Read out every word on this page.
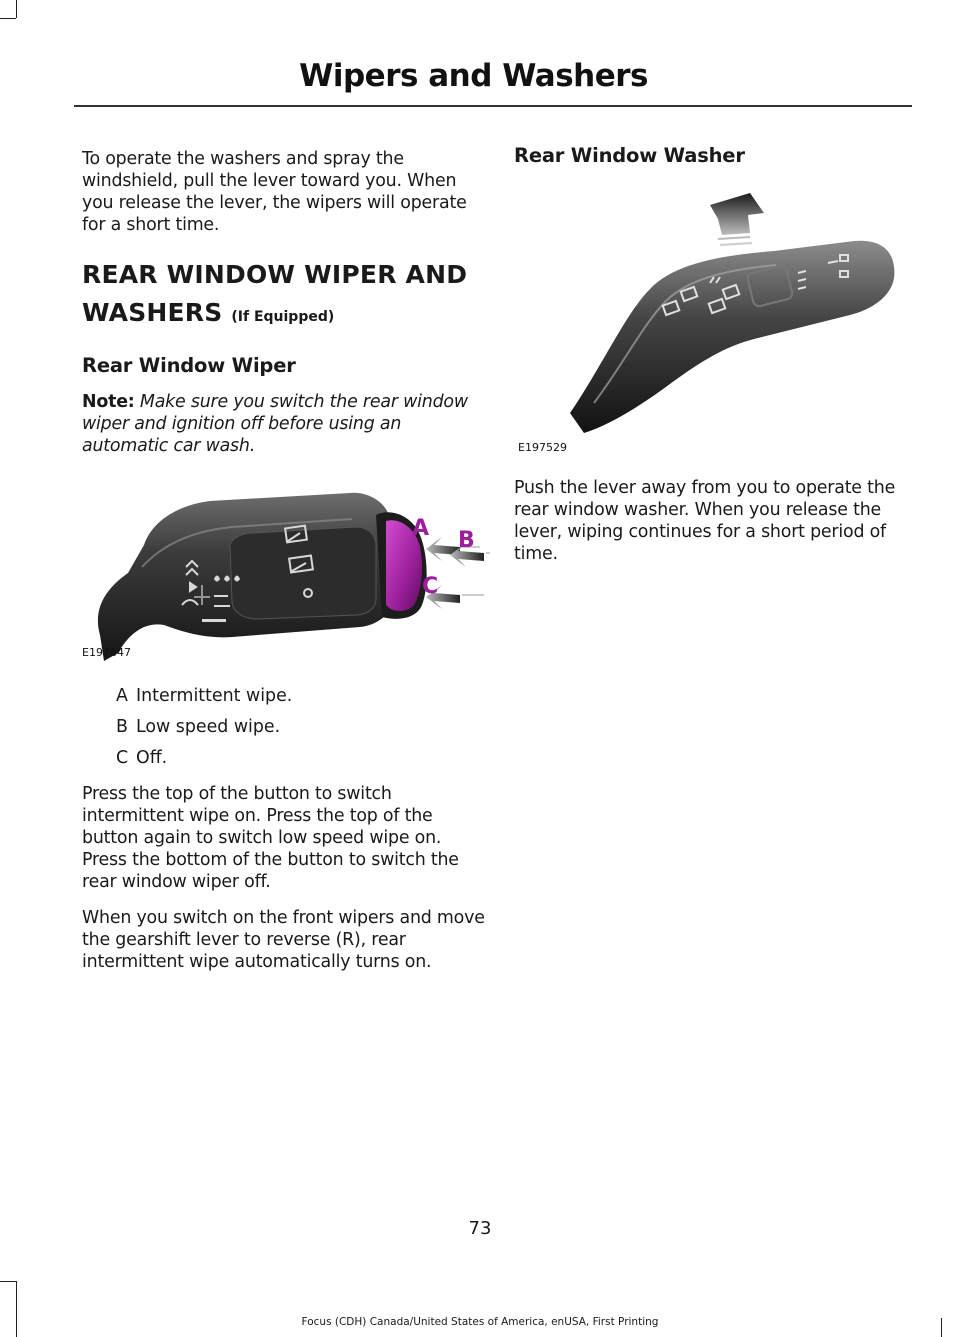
Wipers and Washers

To operate the washers and spray the windshield, pull the lever toward you. When you release the lever, the wipers will operate for a short time.

REAR WINDOW WIPER AND WASHERS (If Equipped)
Rear Window Wiper
Note: Make sure you switch the rear window wiper and ignition off before using an automatic car wash.
A B
C
E197647
A Intermittent wipe.
B Low speed wipe.
C Off.

Press the top of the button to switch intermittent wipe on. Press the top of the button again to switch low speed wipe on. Press the bottom of the button to switch the rear window wiper off.

When you switch on the front wipers and move the gearshift lever to reverse (R), rear intermittent wipe automatically turns on.

Rear Window Washer
E197529

Push the lever away from you to operate the rear window washer. When you release the lever, wiping continues for a short period of time.

73
Focus (CDH) Canada/United States of America, enUSA, First Printing
